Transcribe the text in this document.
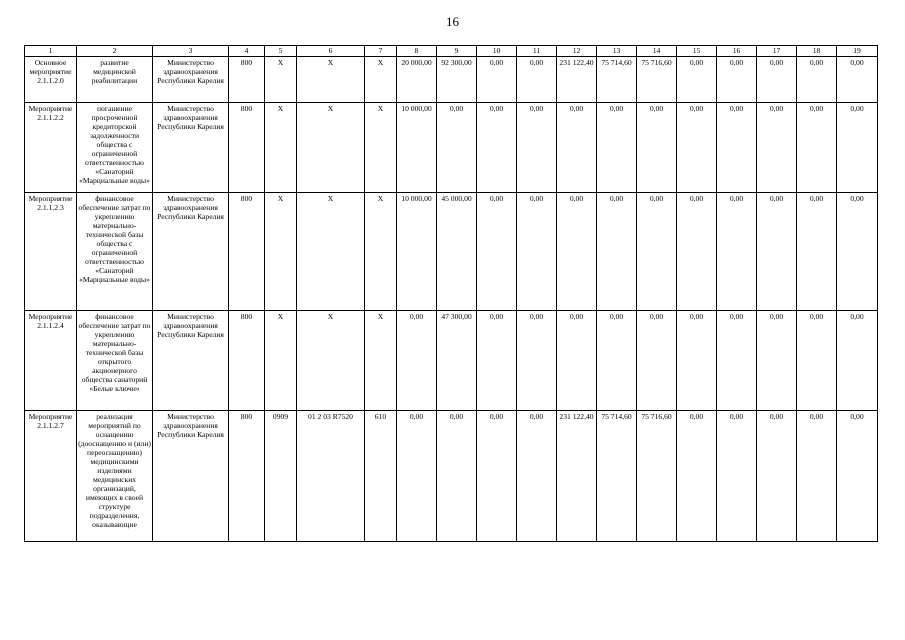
16
1	2	3	4	5	6	7	8	9	10	11	12	13	14	15	16	17	18	19
Основное мероприятие 2.1.1.2.0	развитие медицинской реабилитации	Министерство здравоохранения Республики Карелия	800	Х	Х	Х	20 000,00	92 300,00	0,00	0,00	231 122,40	75 714,60	75 716,60	0,00	0,00	0,00	0,00	0,00
Мероприятие 2.1.1.2.2	погашение просроченной кредиторской задолженности общества с ограниченной ответственностью «Санаторий «Марциальные воды»	Министерство здравоохранения Республики Карелия	800	Х	Х	Х	10 000,00	0,00	0,00	0,00	0,00	0,00	0,00	0,00	0,00	0,00	0,00	0,00
Мероприятие 2.1.1.2.3	финансовое обеспечение затрат по укреплению материально-технической базы общества с ограниченной ответственностью «Санаторий «Марциальные воды»	Министерство здравоохранения Республики Карелия	800	Х	Х	Х	10 000,00	45 000,00	0,00	0,00	0,00	0,00	0,00	0,00	0,00	0,00	0,00	0,00
Мероприятие 2.1.1.2.4	финансовое обеспечение затрат по укреплению материально-технической базы открытого акционерного общества санаторий «Белые ключи»	Министерство здравоохранения Республики Карелия	800	Х	Х	Х	0,00	47 300,00	0,00	0,00	0,00	0,00	0,00	0,00	0,00	0,00	0,00	0,00
Мероприятие 2.1.1.2.7	реализация мероприятий по оснащению (дооснащению и (или) переоснащению) медицинскими изделиями медицинских организаций, имеющих в своей структуре подразделения, оказывающие	Министерство здравоохранения Республики Карелия	800	0909	01 2 03 R7520	610	0,00	0,00	0,00	0,00	231 122,40	75 714,60	75 716,60	0,00	0,00	0,00	0,00	0,00
